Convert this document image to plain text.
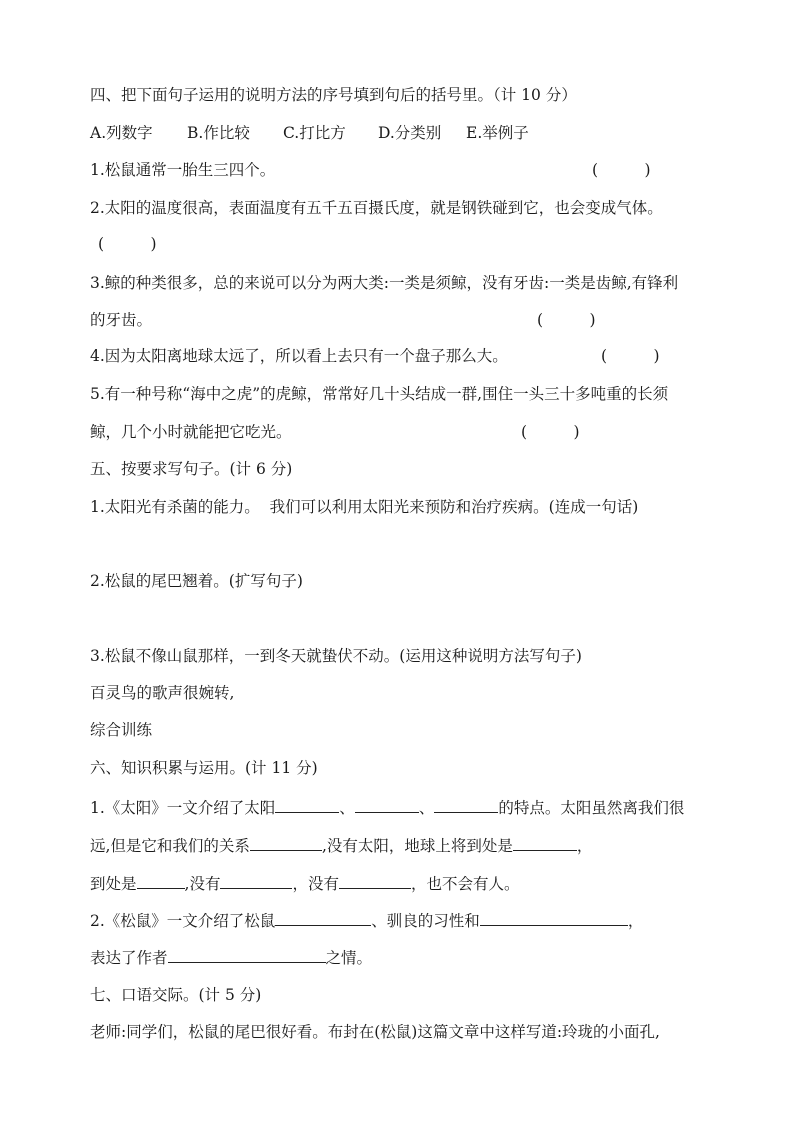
四、把下面句子运用的说明方法的序号填到句后的括号里。（计 10 分）
A.列数字 B.作比较 C.打比方 D.分类别 E.举例子
1.松鼠通常一胎生三四个。	(　　　)
2.太阳的温度很高，表面温度有五千五百摄氏度，就是钢铁碰到它，也会变成气体。
(　　　)
3.鲸的种类很多，总的来说可以分为两大类:一类是须鲸，没有牙齿:一类是齿鲸,有锋利
的牙齿。	(　　　)
4.因为太阳离地球太远了，所以看上去只有一个盘子那么大。	(　　　)
5.有一种号称“海中之虎”的虎鲸，常常好几十头结成一群,围住一头三十多吨重的长须
鲸，几个小时就能把它吃光。	(　　　)
五、按要求写句子。(计 6 分)
1.太阳光有杀菌的能力。  我们可以利用太阳光来预防和治疗疾病。(连成一句话)
2.松鼠的尾巴翘着。(扩写句子)
3.松鼠不像山鼠那样，一到冬天就蛰伏不动。(运用这种说明方法写句子)
百灵鸟的歌声很婉转,
综合训练
六、知识积累与运用。(计 11 分)
1.《太阳》一文介绍了太阳	、	、	的特点。太阳虽然离我们很
远,但是它和我们的关系	,没有太阳，地球上将到处是	，
到处是	,没有	，没有	，也不会有人。
2.《松鼠》一文介绍了松鼠	、驯良的习性和	，
表达了作者	之情。
七、口语交际。(计 5 分)
老师:同学们，松鼠的尾巴很好看。布封在(松鼠)这篇文章中这样写道:玲珑的小面孔,
